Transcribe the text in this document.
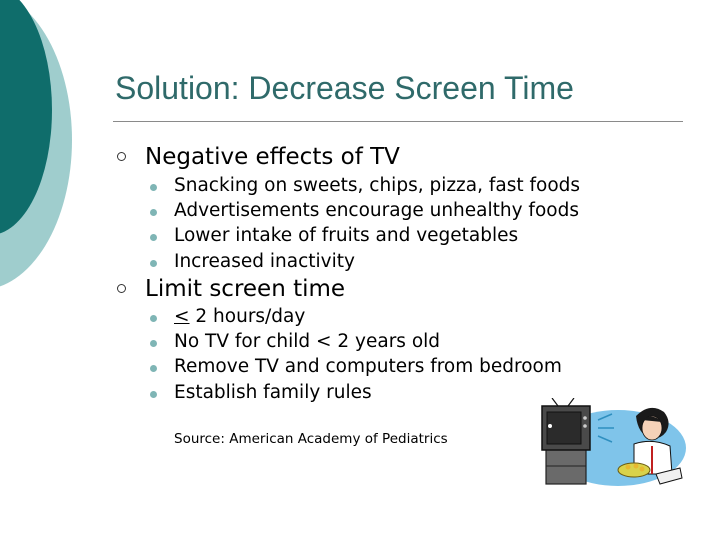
Solution: Decrease Screen Time
Negative effects of TV
Snacking on sweets, chips, pizza, fast foods
Advertisements encourage unhealthy foods
Lower intake of fruits and vegetables
Increased inactivity
Limit screen time
< 2 hours/day
No TV for child < 2 years old
Remove TV and computers from bedroom
Establish family rules
Source: American Academy of Pediatrics
